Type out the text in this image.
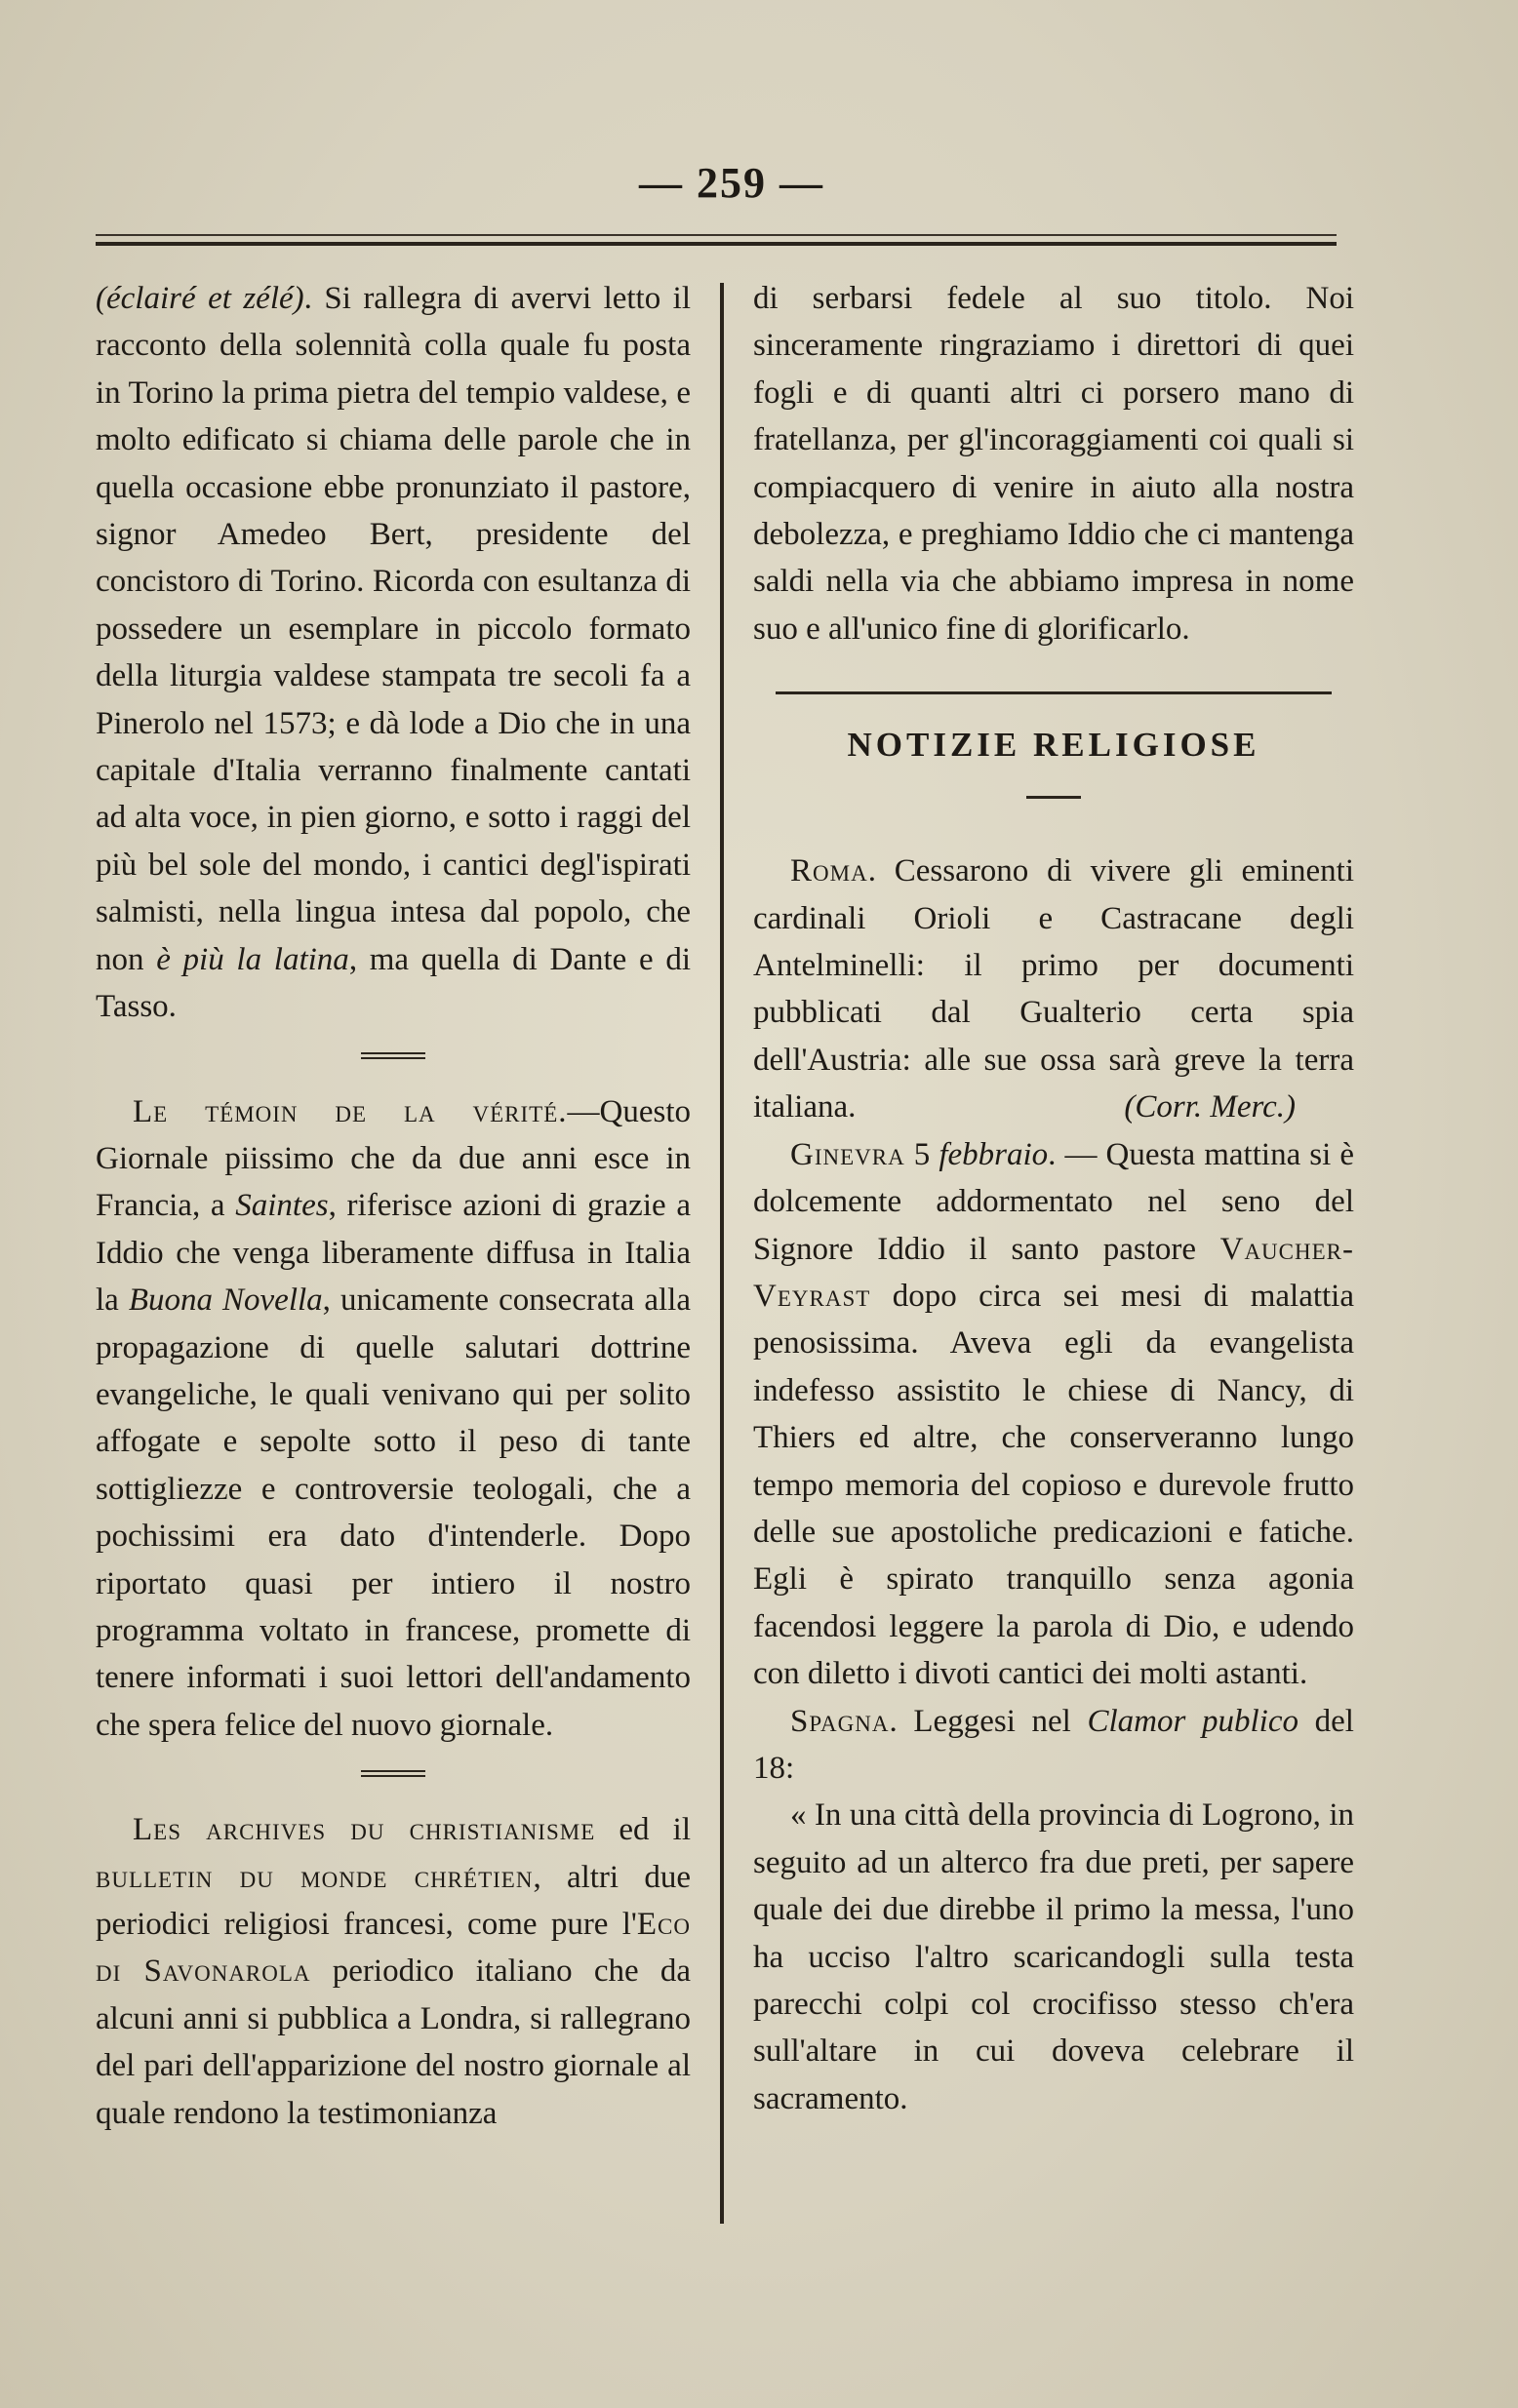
— 259 —

(éclairé et zélé). Si rallegra di avervi letto il racconto della solennità colla quale fu posta in Torino la prima pietra del tempio valdese, e molto edificato si chiama delle parole che in quella occasione ebbe pronunziato il pastore, signor Amedeo Bert, presidente del concistoro di Torino. Ricorda con esultanza di possedere un esemplare in piccolo formato della liturgia valdese stampata tre secoli fa a Pinerolo nel 1573; e dà lode a Dio che in una capitale d'Italia verranno finalmente cantati ad alta voce, in pien giorno, e sotto i raggi del più bel sole del mondo, i cantici degl'ispirati salmisti, nella lingua intesa dal popolo, che non è più la latina, ma quella di Dante e di Tasso.

Le témoin de la vérité.—Questo Giornale piissimo che da due anni esce in Francia, a Saintes, riferisce azioni di grazie a Iddio che venga liberamente diffusa in Italia la Buona Novella, unicamente consecrata alla propagazione di quelle salutari dottrine evangeliche, le quali venivano qui per solito affogate e sepolte sotto il peso di tante sottigliezze e controversie teologali, che a pochissimi era dato d'intenderle. Dopo riportato quasi per intiero il nostro programma voltato in francese, promette di tenere informati i suoi lettori dell'andamento che spera felice del nuovo giornale.

Les archives du christianisme ed il bulletin du monde chrétien, altri due periodici religiosi francesi, come pure l'Eco di Savonarola periodico italiano che da alcuni anni si pubblica a Londra, si rallegrano del pari dell'apparizione del nostro giornale al quale rendono la testimonianza

di serbarsi fedele al suo titolo. Noi sinceramente ringraziamo i direttori di quei fogli e di quanti altri ci porsero mano di fratellanza, per gl'incoraggiamenti coi quali si compiacquero di venire in aiuto alla nostra debolezza, e preghiamo Iddio che ci mantenga saldi nella via che abbiamo impresa in nome suo e all'unico fine di glorificarlo.

NOTIZIE RELIGIOSE

Roma. Cessarono di vivere gli eminenti cardinali Orioli e Castracane degli Antelminelli: il primo per documenti pubblicati dal Gualterio certa spia dell'Austria: alle sue ossa sarà greve la terra italiana.	(Corr. Merc.)

Ginevra 5 febbraio. — Questa mattina si è dolcemente addormentato nel seno del Signore Iddio il santo pastore Vaucher-Veyrast dopo circa sei mesi di malattia penosissima. Aveva egli da evangelista indefesso assistito le chiese di Nancy, di Thiers ed altre, che conserveranno lungo tempo memoria del copioso e durevole frutto delle sue apostoliche predicazioni e fatiche. Egli è spirato tranquillo senza agonia facendosi leggere la parola di Dio, e udendo con diletto i divoti cantici dei molti astanti.

Spagna. Leggesi nel Clamor publico del 18:

« In una città della provincia di Logrono, in seguito ad un alterco fra due preti, per sapere quale dei due direbbe il primo la messa, l'uno ha ucciso l'altro scaricandogli sulla testa parecchi colpi col crocifisso stesso ch'era sull'altare in cui doveva celebrare il sacramento.
